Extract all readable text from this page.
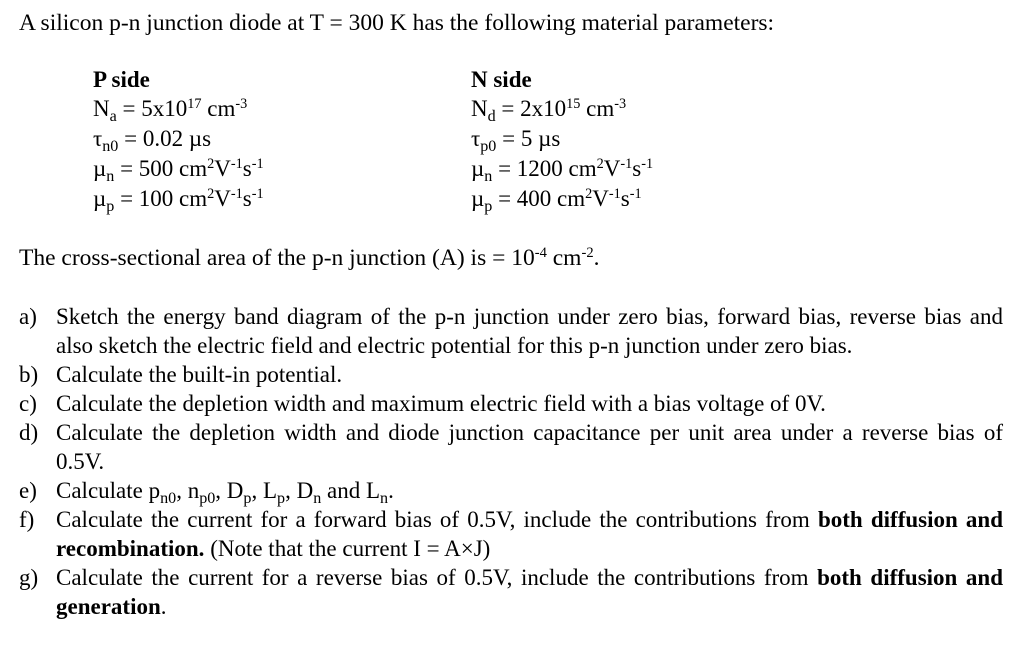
A silicon p-n junction diode at T = 300 K has the following material parameters:
P side
$N_a = 5x10^{17}$ $cm^{-3}$
$\tau_{n0} = 0.02$ µs
µ$_n$ = 500 $cm^2V^{-1}s^{-1}$
µ$_p$ = 100 $cm^2V^{-1}s^{-1}$
N side
$N_d = 2x10^{15}$ $cm^{-3}$
$\tau_{p0} = 5$ µs
µ$_n$ = 1200 $cm^2V^{-1}s^{-1}$
µ$_p$ = 400 $cm^2V^{-1}s^{-1}$
The cross-sectional area of the p-n junction (A) is = $10^{-4}$ $cm^{-2}$.
a) Sketch the energy band diagram of the p-n junction under zero bias, forward bias, reverse bias and also sketch the electric field and electric potential for this p-n junction under zero bias.
b) Calculate the built-in potential.
c) Calculate the depletion width and maximum electric field with a bias voltage of 0V.
d) Calculate the depletion width and diode junction capacitance per unit area under a reverse bias of 0.5V.
e) Calculate $p_{n0}$, $n_{p0}$, $D_p$, $L_p$, $D_n$ and $L_n$.
f) Calculate the current for a forward bias of 0.5V, include the contributions from both diffusion and recombination. (Note that the current I = A×J)
g) Calculate the current for a reverse bias of 0.5V, include the contributions from both diffusion and generation.
